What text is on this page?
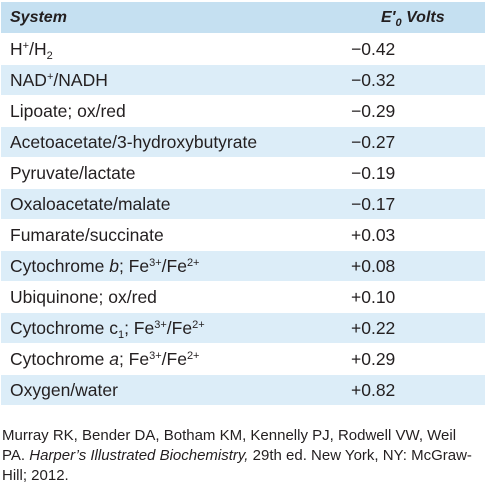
System	$E'_0$ Volts
$H^+/H_2$	−0.42
NAD+/NADH	−0.32
Lipoate; ox/red	−0.29
Acetoacetate/3-hydroxybutyrate	−0.27
Pyruvate/lactate	−0.19
Oxaloacetate/malate	−0.17
Fumarate/succinate	+0.03
Cytochrome b; $Fe^{3+}/Fe^{2+}$	+0.08
Ubiquinone; ox/red	+0.10
Cytochrome $c_1$; $Fe^{3+}/Fe^{2+}$	+0.22
Cytochrome a; $Fe^{3+}/Fe^{2+}$	+0.29
Oxygen/water	+0.82
Murray RK, Bender DA, Botham KM, Kennelly PJ, Rodwell VW, Weil PA. Harper’s Illustrated Biochemistry, 29th ed. New York, NY: McGraw-Hill; 2012.
